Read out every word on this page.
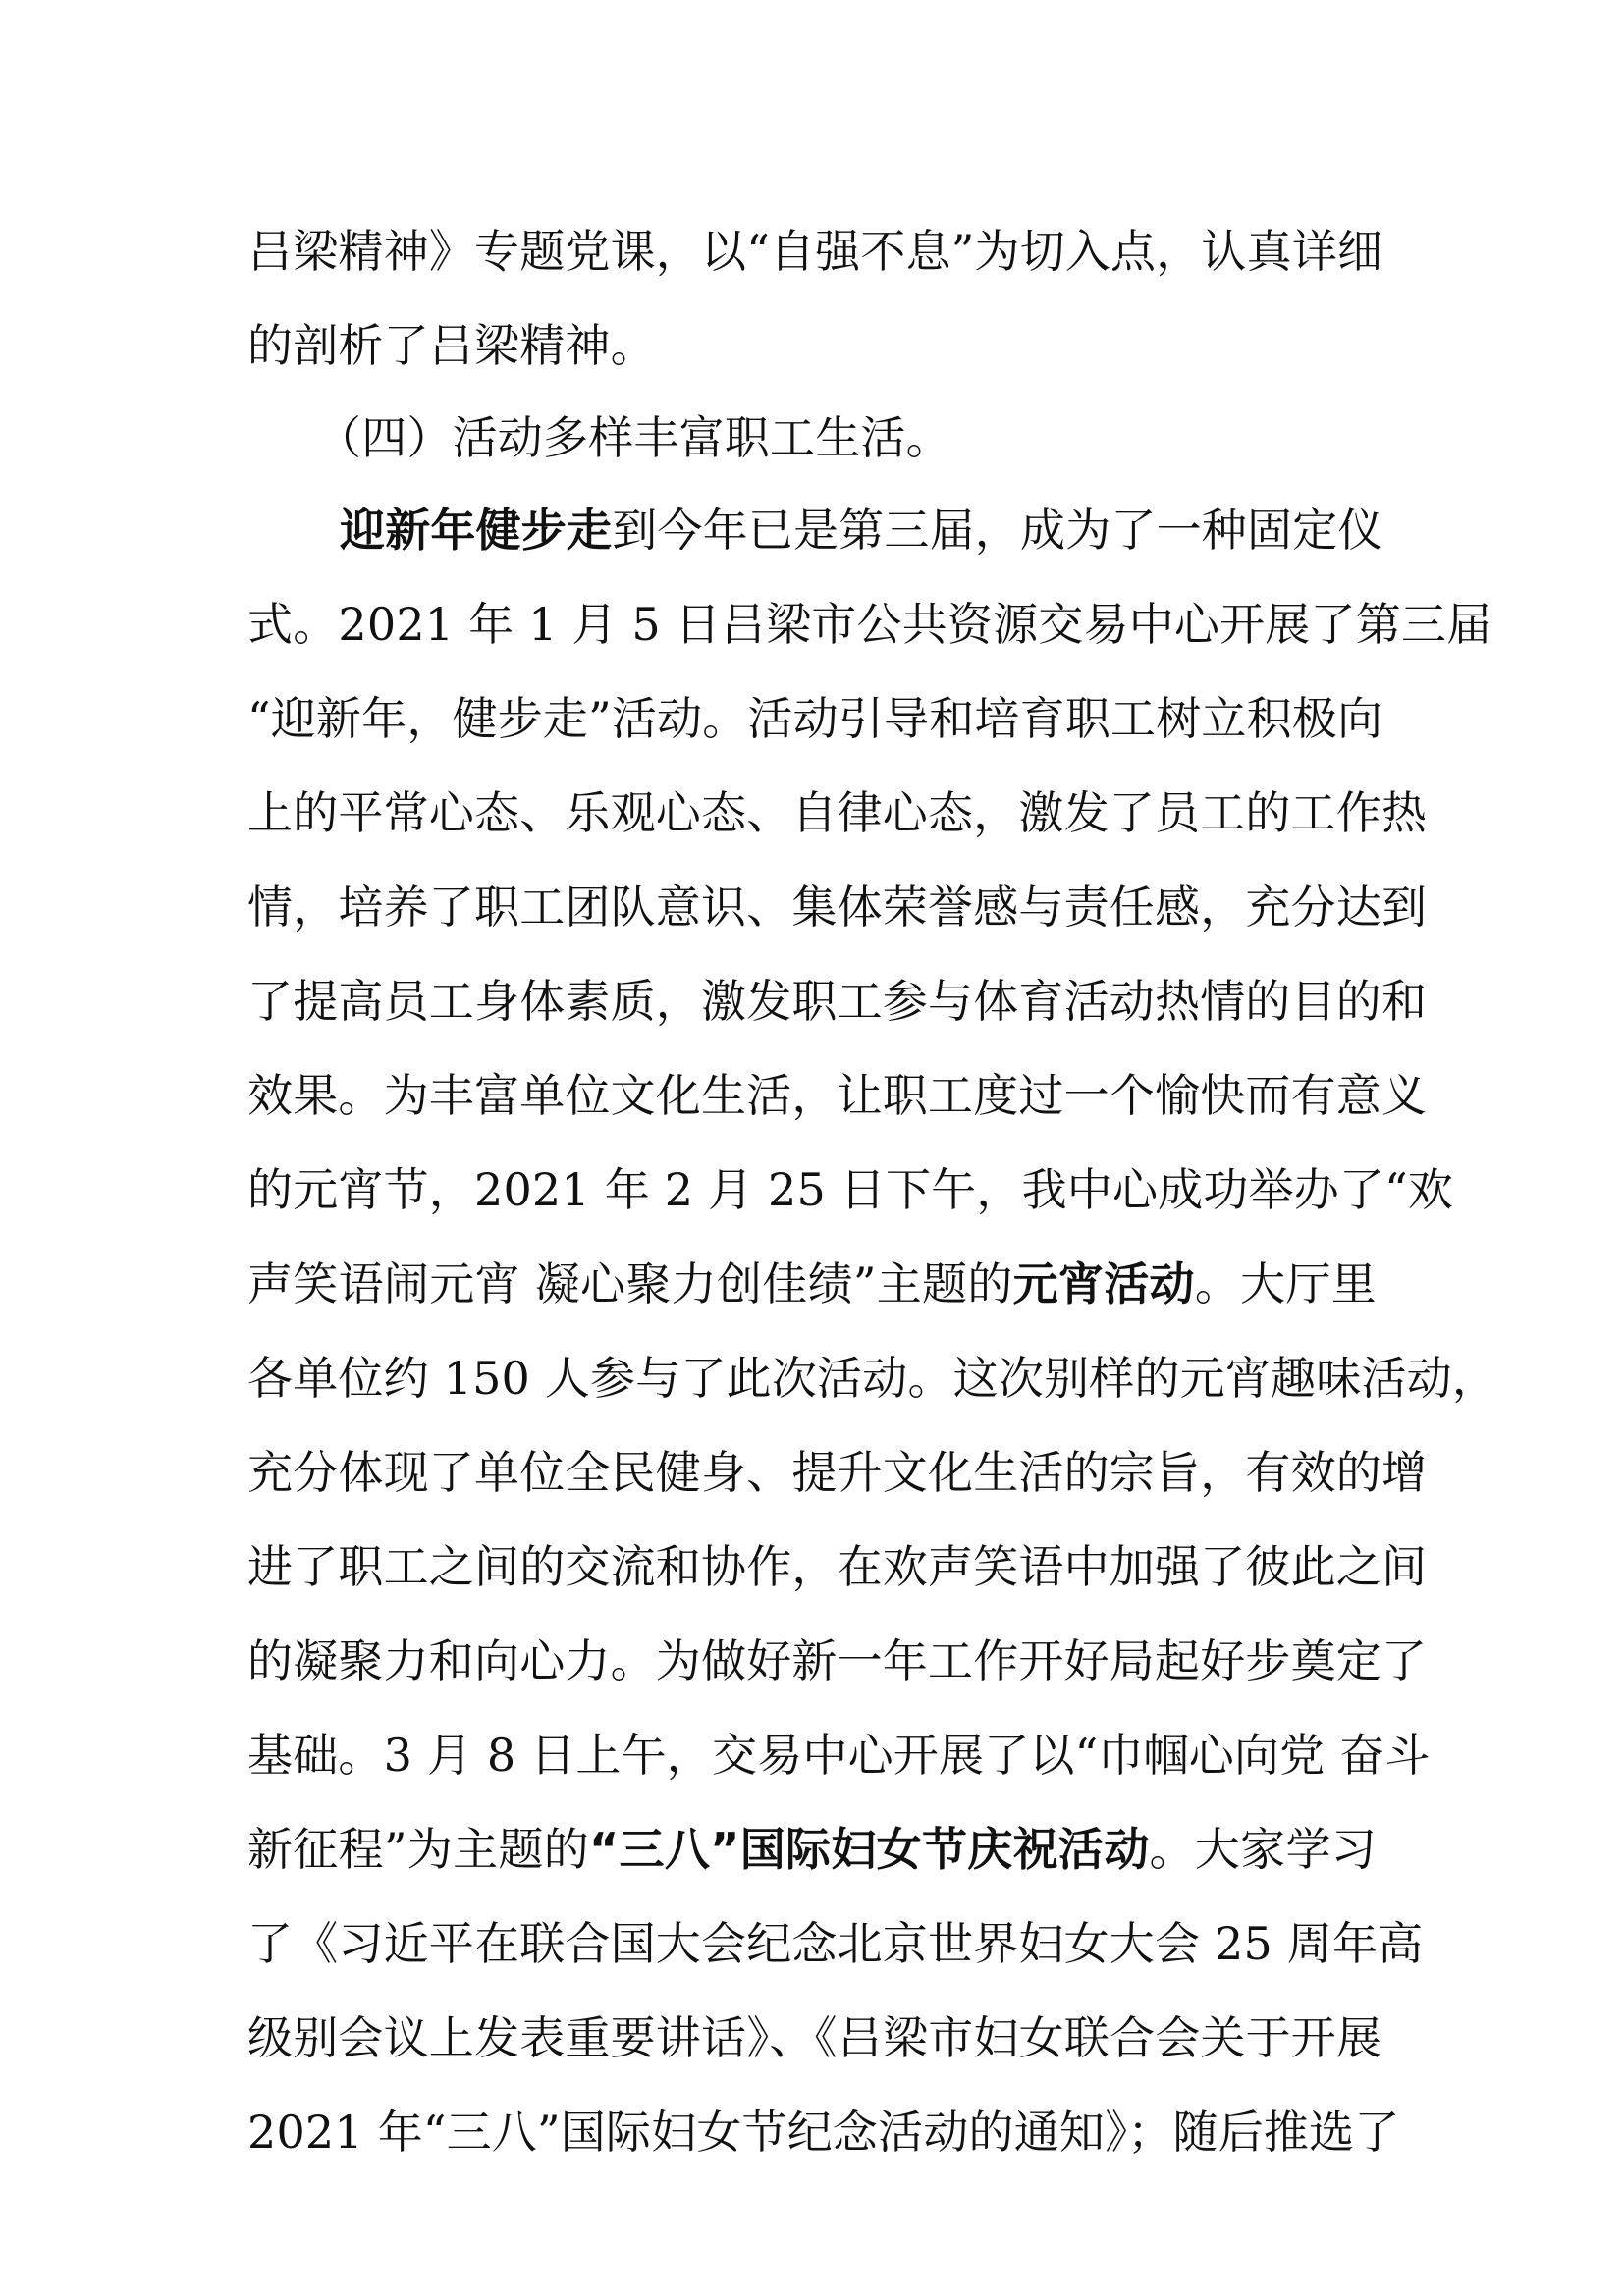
吕梁精神》专题党课，以“自强不息”为切入点，认真详细
的剖析了吕梁精神。
（四）活动多样丰富职工生活。
迎新年健步走到今年已是第三届，成为了一种固定仪
式。2021 年 1 月 5 日吕梁市公共资源交易中心开展了第三届
“迎新年，健步走”活动。活动引导和培育职工树立积极向
上的平常心态、乐观心态、自律心态，激发了员工的工作热
情，培养了职工团队意识、集体荣誉感与责任感，充分达到
了提高员工身体素质，激发职工参与体育活动热情的目的和
效果。为丰富单位文化生活，让职工度过一个愉快而有意义
的元宵节，2021 年 2 月 25 日下午，我中心成功举办了“欢
声笑语闹元宵 凝心聚力创佳绩”主题的元宵活动。大厅里
各单位约 150 人参与了此次活动。这次别样的元宵趣味活动，
充分体现了单位全民健身、提升文化生活的宗旨，有效的增
进了职工之间的交流和协作，在欢声笑语中加强了彼此之间
的凝聚力和向心力。为做好新一年工作开好局起好步奠定了
基础。3 月 8 日上午，交易中心开展了以“巾帼心向党 奋斗
新征程”为主题的“三八”国际妇女节庆祝活动。大家学习
了《习近平在联合国大会纪念北京世界妇女大会 25 周年高
级别会议上发表重要讲话》、《吕梁市妇女联合会关于开展
2021 年“三八”国际妇女节纪念活动的通知》；随后推选了
